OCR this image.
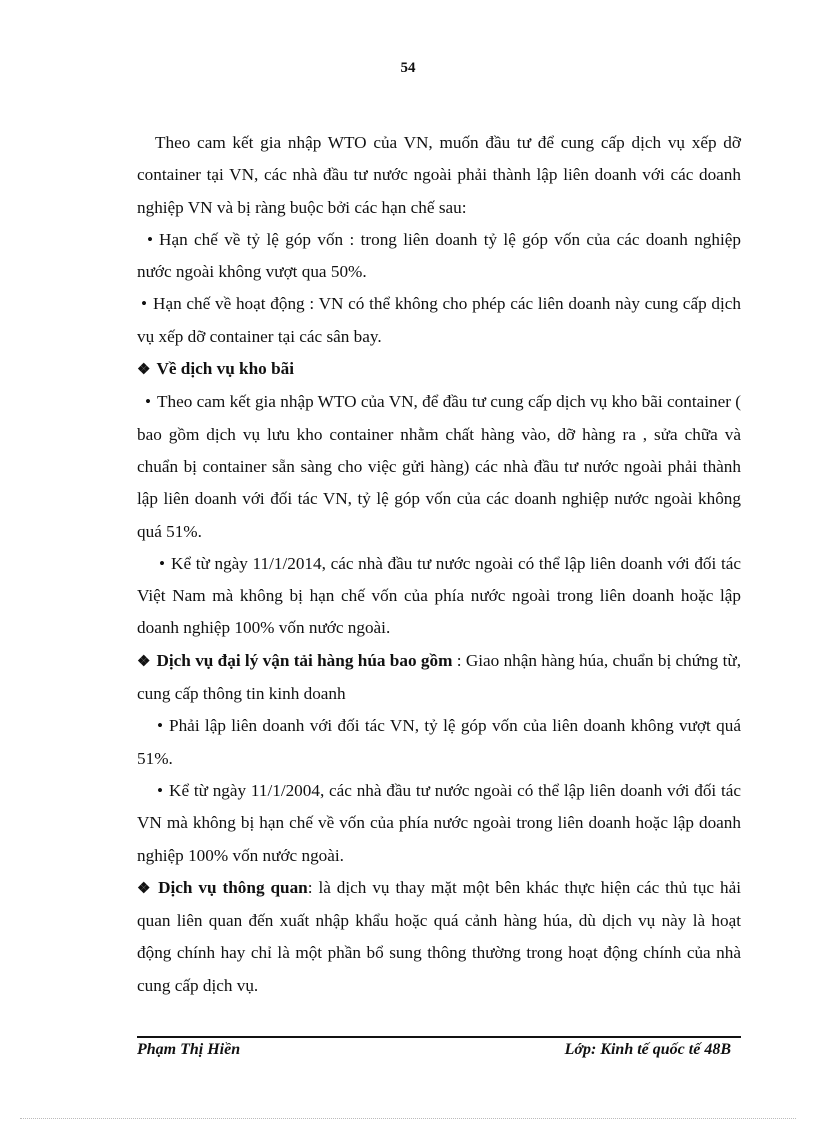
54

Theo cam kết gia nhập WTO của VN, muốn đầu tư để cung cấp dịch vụ xếp dỡ container tại VN, các nhà đầu tư nước ngoài phải thành lập liên doanh với các doanh nghiệp VN và bị ràng buộc bởi các hạn chế sau:

• Hạn chế về tỷ lệ góp vốn : trong liên doanh tỷ lệ góp vốn của các doanh nghiệp nước ngoài không vượt qua 50%.

• Hạn chế về hoạt động : VN có thể không cho phép các liên doanh này cung cấp dịch vụ xếp dỡ container tại các sân bay.

❖ Về dịch vụ kho bãi

• Theo cam kết gia nhập WTO của VN, để đầu tư cung cấp dịch vụ kho bãi container ( bao gồm dịch vụ lưu kho container nhằm chất hàng vào, dỡ hàng ra , sửa chữa và chuẩn bị container sẵn sàng cho việc gửi hàng) các nhà đầu tư nước ngoài phải thành lập liên doanh với đối tác VN, tỷ lệ góp vốn của các doanh nghiệp nước ngoài không quá 51%.

• Kể từ ngày 11/1/2014, các nhà đầu tư nước ngoài có thể lập liên doanh với đối tác Việt Nam mà không bị hạn chế vốn của phía nước ngoài trong liên doanh hoặc lập doanh nghiệp 100% vốn nước ngoài.

❖ Dịch vụ đại lý vận tải hàng húa bao gồm : Giao nhận hàng húa, chuẩn bị chứng từ, cung cấp thông tin kinh doanh

• Phải lập liên doanh với đối tác VN, tỷ lệ góp vốn của liên doanh không vượt quá 51%.

• Kể từ ngày 11/1/2004, các nhà đầu tư nước ngoài có thể lập liên doanh với đối tác VN mà không bị hạn chế về vốn của phía nước ngoài trong liên doanh hoặc lập doanh nghiệp 100% vốn nước ngoài.

❖ Dịch vụ thông quan: là dịch vụ thay mặt một bên khác thực hiện các thủ tục hải quan liên quan đến xuất nhập khẩu hoặc quá cảnh hàng húa, dù dịch vụ này là hoạt động chính hay chỉ là một phần bổ sung thông thường trong hoạt động chính của nhà cung cấp dịch vụ.

Phạm Thị Hiền	Lớp: Kinh tế quốc tế 48B
